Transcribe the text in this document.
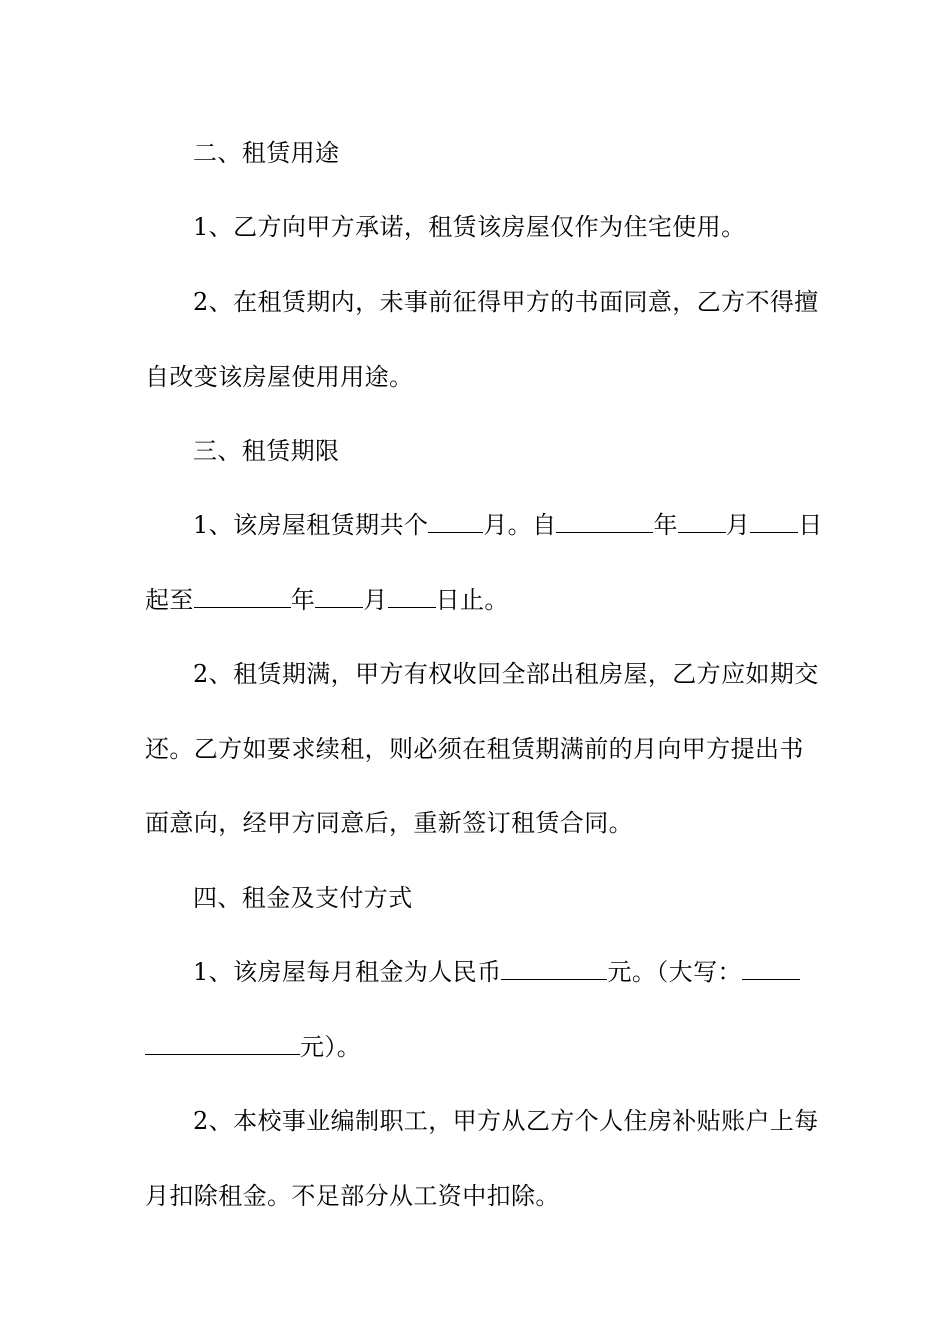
二、租赁用途
1、乙方向甲方承诺，租赁该房屋仅作为住宅使用。
2、在租赁期内，未事前征得甲方的书面同意，乙方不得擅
自改变该房屋使用用途。
三、租赁期限
1、该房屋租赁期共个 月。自	年 月 日
起至	年 月 日止。
2、租赁期满，甲方有权收回全部出租房屋，乙方应如期交
还。乙方如要求续租，则必须在租赁期满前的月向甲方提出书
面意向，经甲方同意后，重新签订租赁合同。
四、租金及支付方式
1、该房屋每月租金为人民币	元。（大写：
元）。
2、本校事业编制职工，甲方从乙方个人住房补贴账户上每
月扣除租金。不足部分从工资中扣除。
